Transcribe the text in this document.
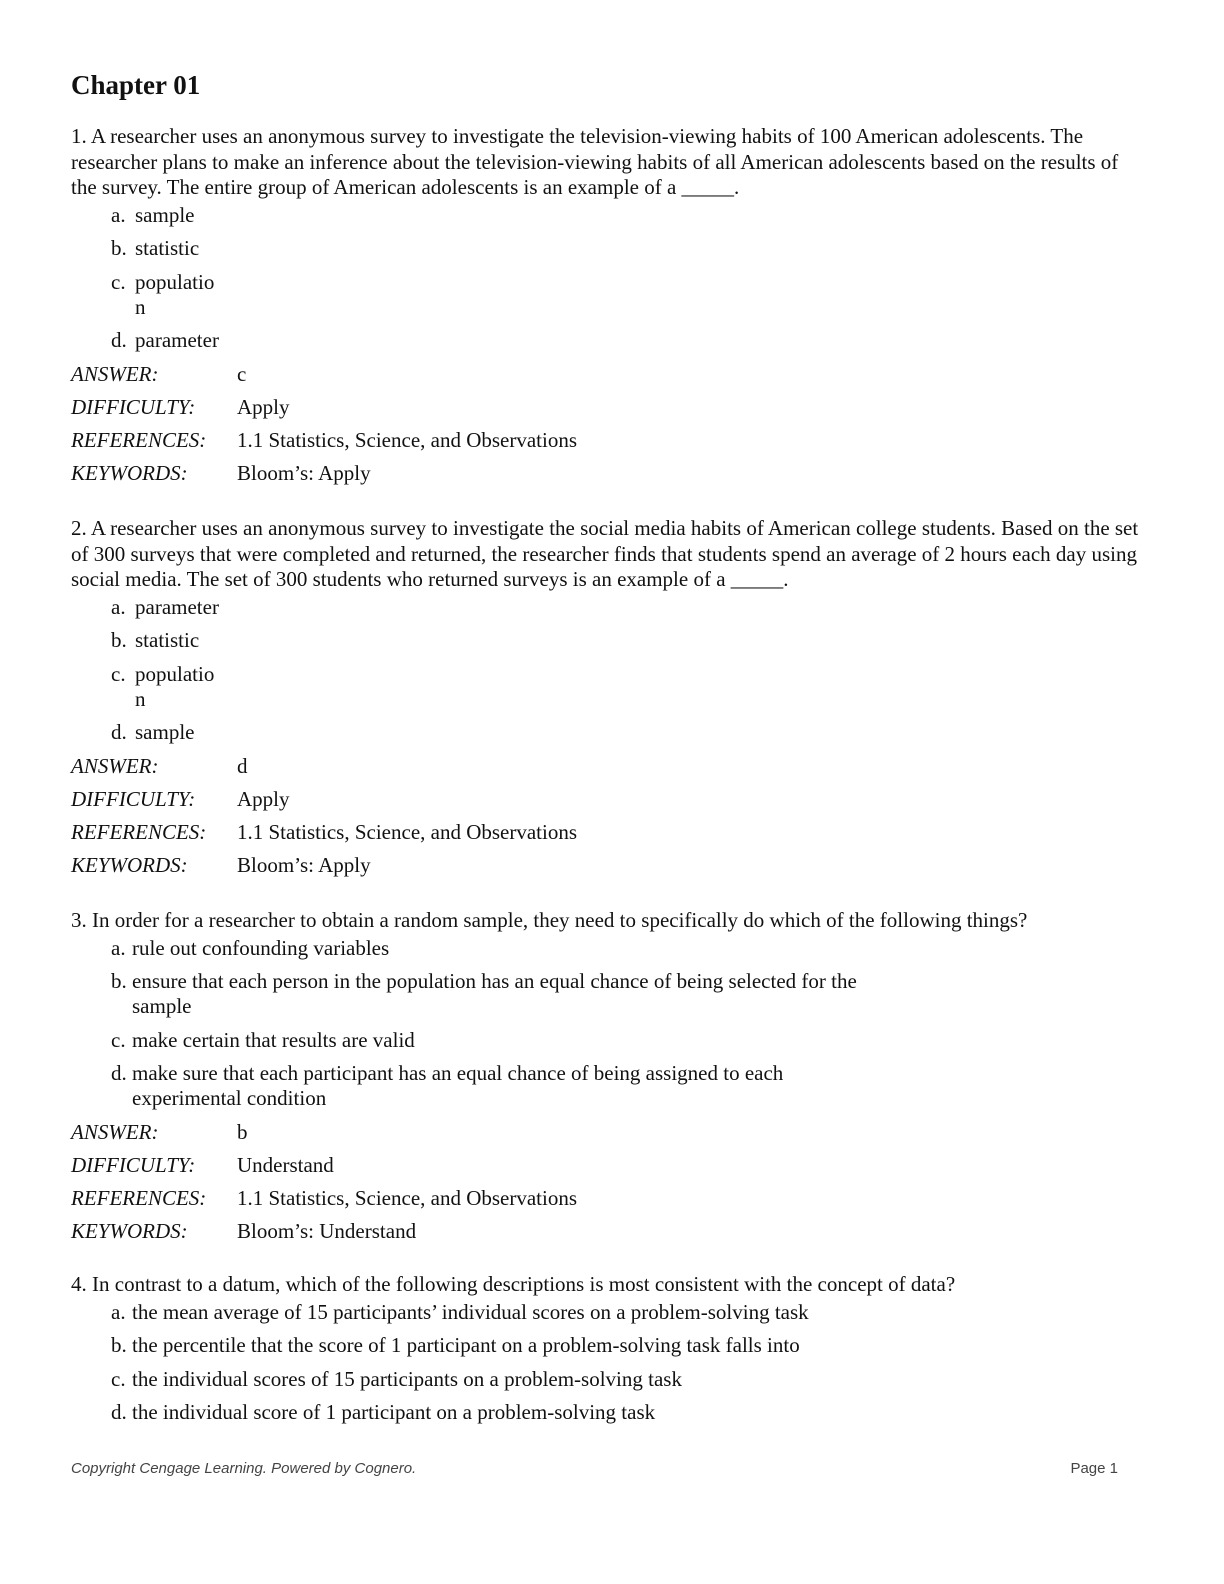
Chapter 01

1. A researcher uses an anonymous survey to investigate the television-viewing habits of 100 American adolescents. The researcher plans to make an inference about the television-viewing habits of all American adolescents based on the results of the survey. The entire group of American adolescents is an example of a _____.

a. sample
b. statistic
c. population
d. parameter
ANSWER:	c
DIFFICULTY:	Apply
REFERENCES:	1.1 Statistics, Science, and Observations
KEYWORDS:	Bloom’s: Apply

2. A researcher uses an anonymous survey to investigate the social media habits of American college students. Based on the set of 300 surveys that were completed and returned, the researcher finds that students spend an average of 2 hours each day using social media. The set of 300 students who returned surveys is an example of a _____.

a. parameter
b. statistic
c. population
d. sample
ANSWER:	d
DIFFICULTY:	Apply
REFERENCES:	1.1 Statistics, Science, and Observations
KEYWORDS:	Bloom’s: Apply

3. In order for a researcher to obtain a random sample, they need to specifically do which of the following things?

a. rule out confounding variables
b. ensure that each person in the population has an equal chance of being selected for the sample
c. make certain that results are valid
d. make sure that each participant has an equal chance of being assigned to each experimental condition
ANSWER:	b
DIFFICULTY:	Understand
REFERENCES:	1.1 Statistics, Science, and Observations
KEYWORDS:	Bloom’s: Understand

4. In contrast to a datum, which of the following descriptions is most consistent with the concept of data?

a. the mean average of 15 participants’ individual scores on a problem-solving task
b. the percentile that the score of 1 participant on a problem-solving task falls into
c. the individual scores of 15 participants on a problem-solving task
d. the individual score of 1 participant on a problem-solving task
Copyright Cengage Learning. Powered by Cognero.	Page 1
